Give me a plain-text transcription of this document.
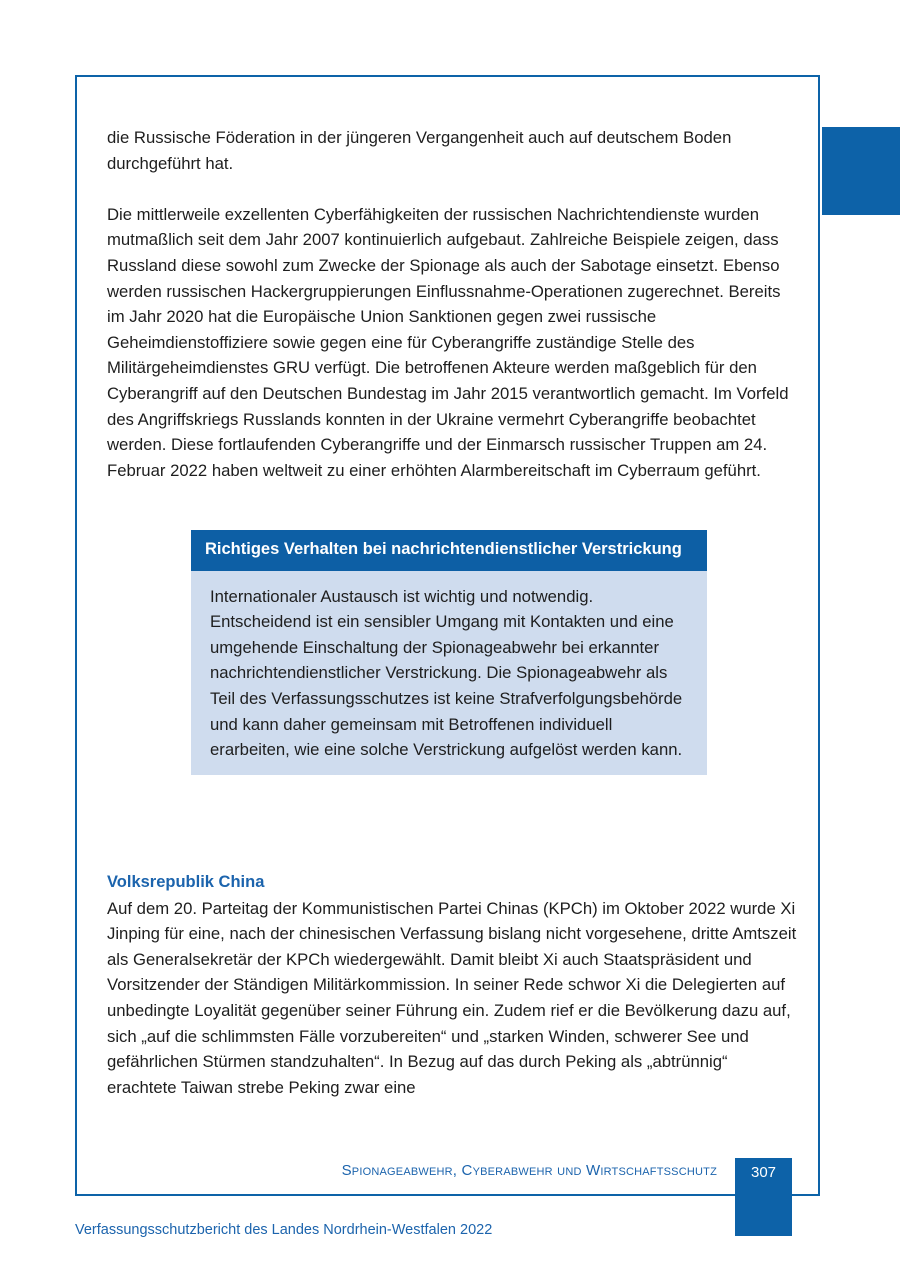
die Russische Föderation in der jüngeren Vergangenheit auch auf deutschem Boden durchgeführt hat.

Die mittlerweile exzellenten Cyberfähigkeiten der russischen Nachrichtendienste wurden mutmaßlich seit dem Jahr 2007 kontinuierlich aufgebaut. Zahlreiche Beispiele zeigen, dass Russland diese sowohl zum Zwecke der Spionage als auch der Sabotage einsetzt. Ebenso werden russischen Hackergruppierungen Einflussnahme-Operationen zugerechnet. Bereits im Jahr 2020 hat die Europäische Union Sanktionen gegen zwei russische Geheimdienstoffiziere sowie gegen eine für Cyberangriffe zuständige Stelle des Militärgeheimdienstes GRU verfügt. Die betroffenen Akteure werden maßgeblich für den Cyberangriff auf den Deutschen Bundestag im Jahr 2015 verantwortlich gemacht. Im Vorfeld des Angriffskriegs Russlands konnten in der Ukraine vermehrt Cyberangriffe beobachtet werden. Diese fortlaufenden Cyberangriffe und der Einmarsch russischer Truppen am 24. Februar 2022 haben weltweit zu einer erhöhten Alarmbereitschaft im Cyberraum geführt.

Richtiges Verhalten bei nachrichtendienstlicher Verstrickung
Internationaler Austausch ist wichtig und notwendig. Entscheidend ist ein sensibler Umgang mit Kontakten und eine umgehende Einschaltung der Spionageabwehr bei erkannter nachrichtendienstlicher Verstrickung. Die Spionageabwehr als Teil des Verfassungsschutzes ist keine Strafverfolgungsbehörde und kann daher gemeinsam mit Betroffenen individuell erarbeiten, wie eine solche Verstrickung aufgelöst werden kann.

Volksrepublik China

Auf dem 20. Parteitag der Kommunistischen Partei Chinas (KPCh) im Oktober 2022 wurde Xi Jinping für eine, nach der chinesischen Verfassung bislang nicht vorgesehene, dritte Amtszeit als Generalsekretär der KPCh wiedergewählt. Damit bleibt Xi auch Staatspräsident und Vorsitzender der Ständigen Militärkommission. In seiner Rede schwor Xi die Delegierten auf unbedingte Loyalität gegenüber seiner Führung ein. Zudem rief er die Bevölkerung dazu auf, sich „auf die schlimmsten Fälle vorzubereiten“ und „starken Winden, schwerer See und gefährlichen Stürmen standzuhalten“. In Bezug auf das durch Peking als „abtrünnig“ erachtete Taiwan strebe Peking zwar eine

Spionageabwehr, Cyberabwehr und Wirtschaftsschutz	307
Verfassungsschutzbericht des Landes Nordrhein-Westfalen 2022
